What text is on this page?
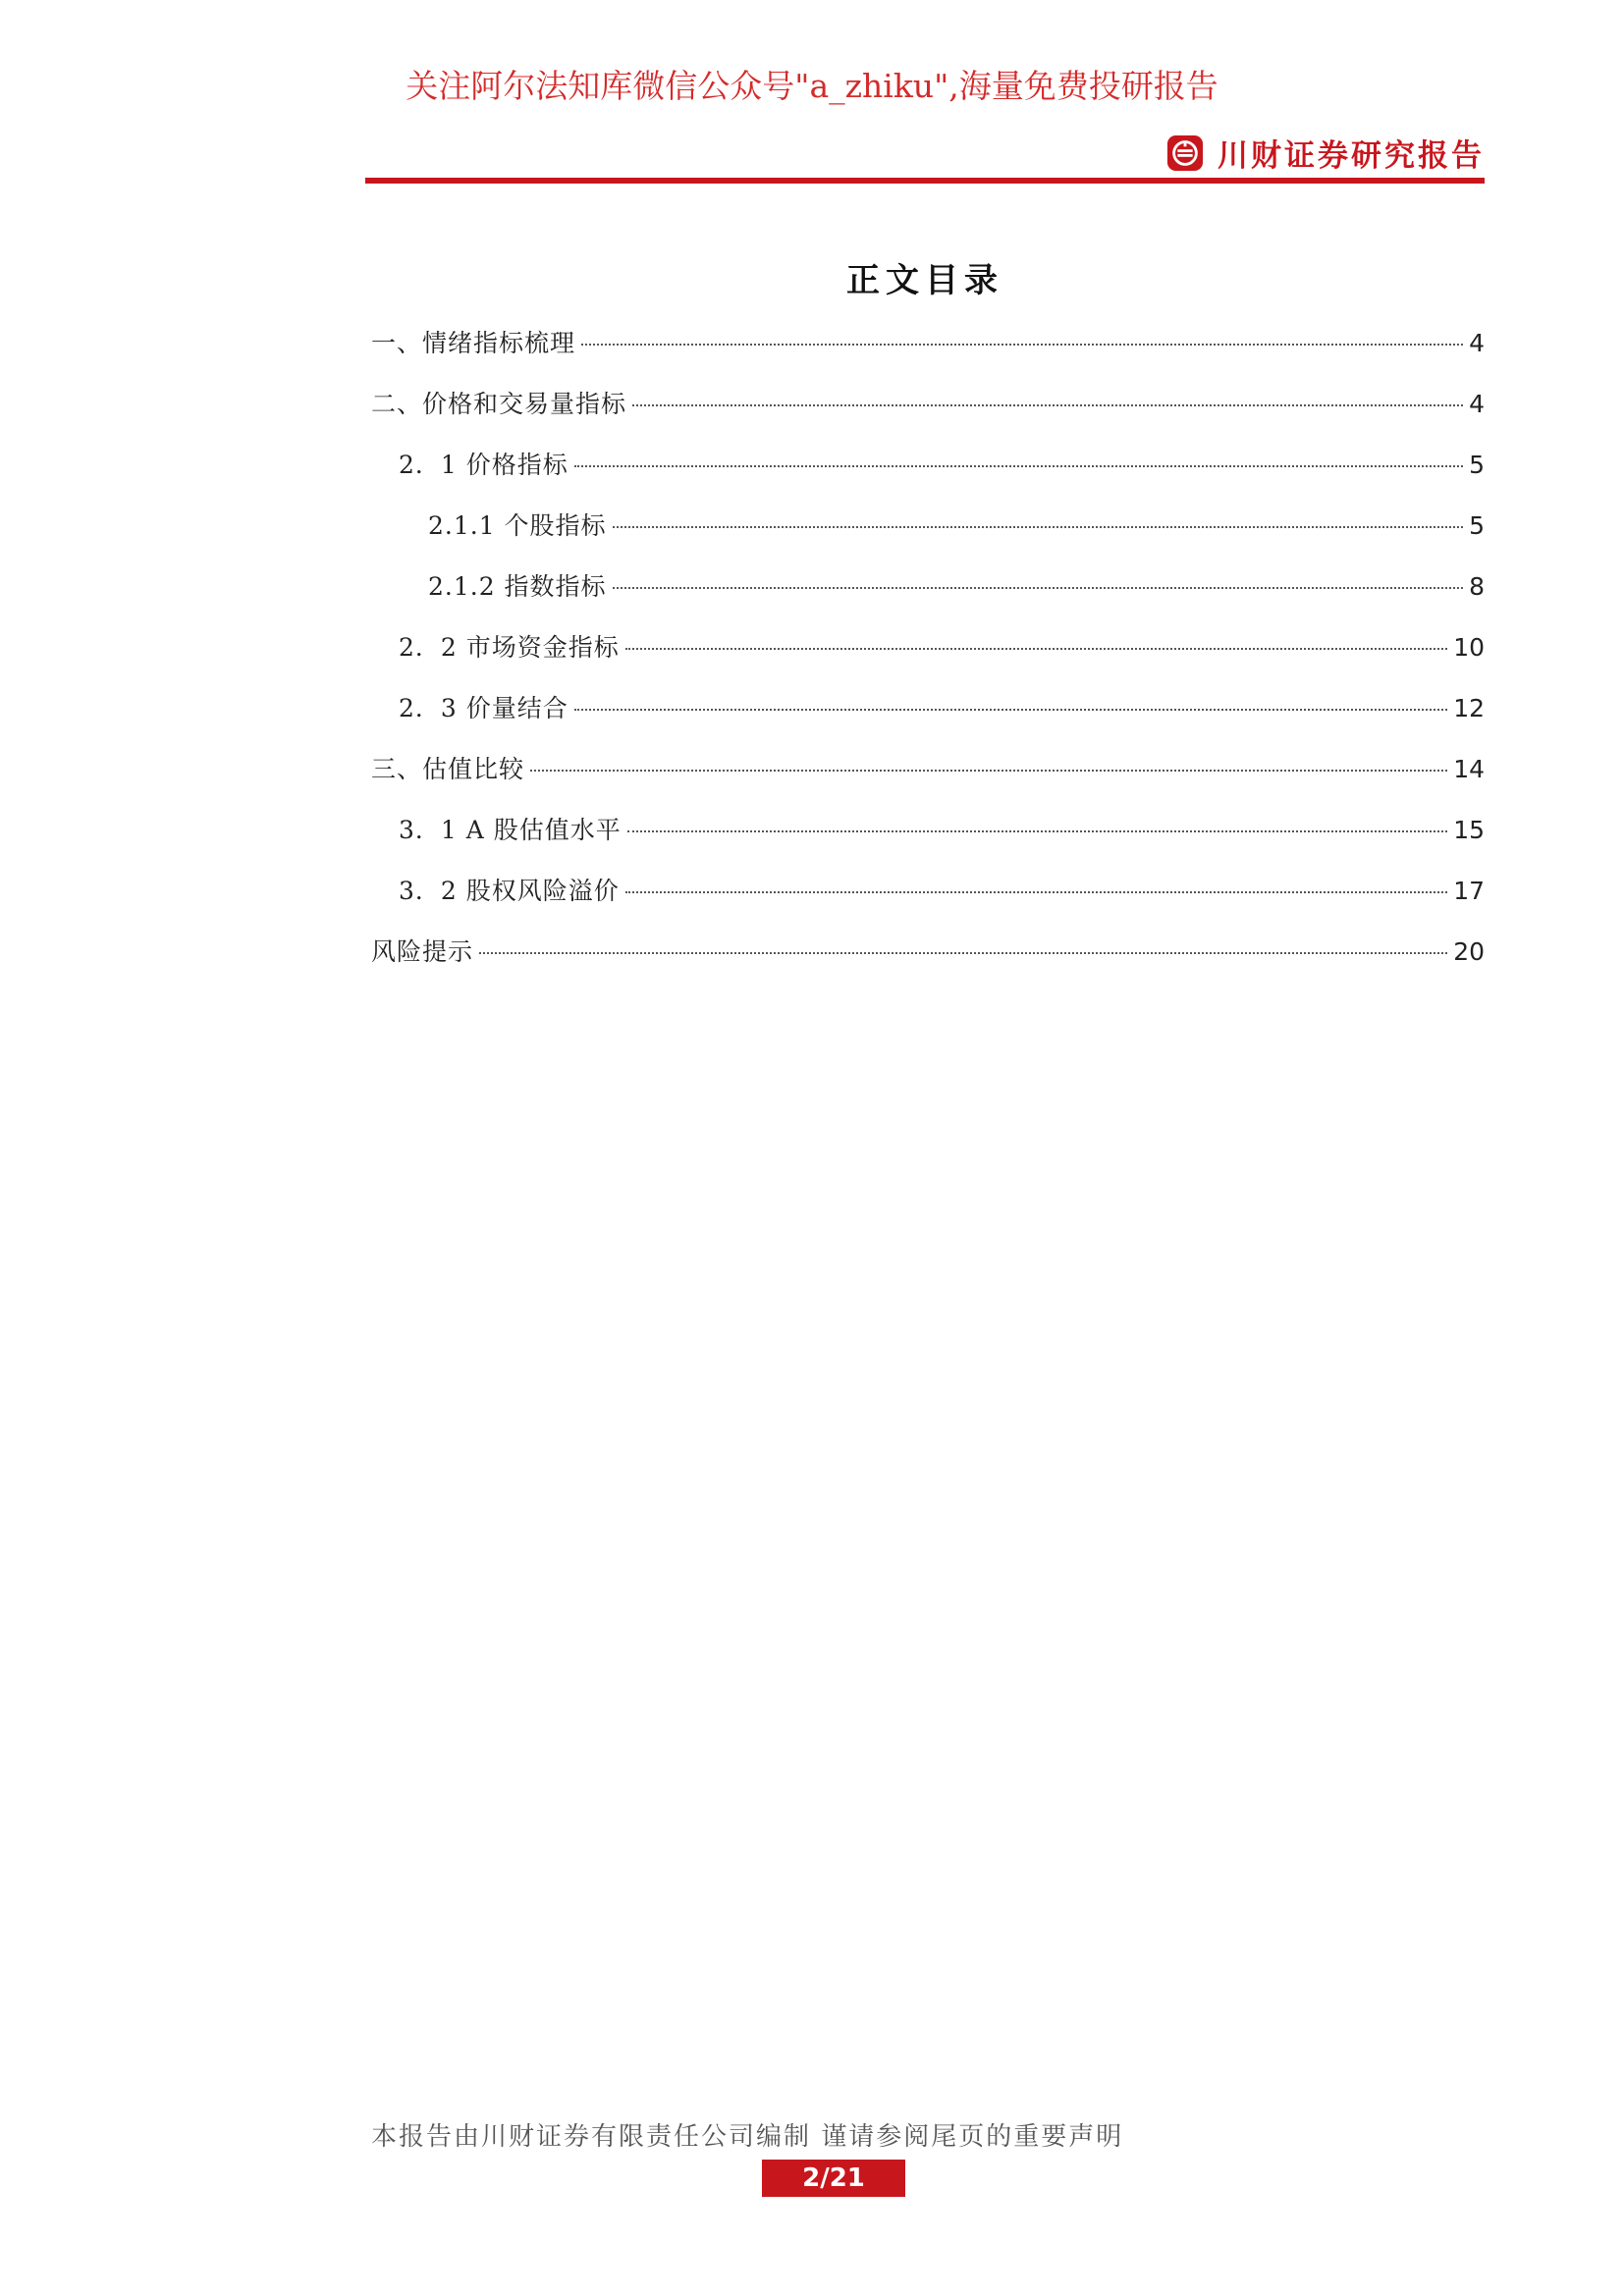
关注阿尔法知库微信公众号"a_zhiku",海量免费投研报告
川财证券研究报告
正文目录
一、情绪指标梳理	4
二、价格和交易量指标	4
2．1 价格指标	5
2.1.1 个股指标	5
2.1.2 指数指标	8
2．2 市场资金指标	10
2．3 价量结合	12
三、估值比较	14
3．1 A 股估值水平	15
3．2 股权风险溢价	17
风险提示	20
本报告由川财证券有限责任公司编制 谨请参阅尾页的重要声明
2/21
